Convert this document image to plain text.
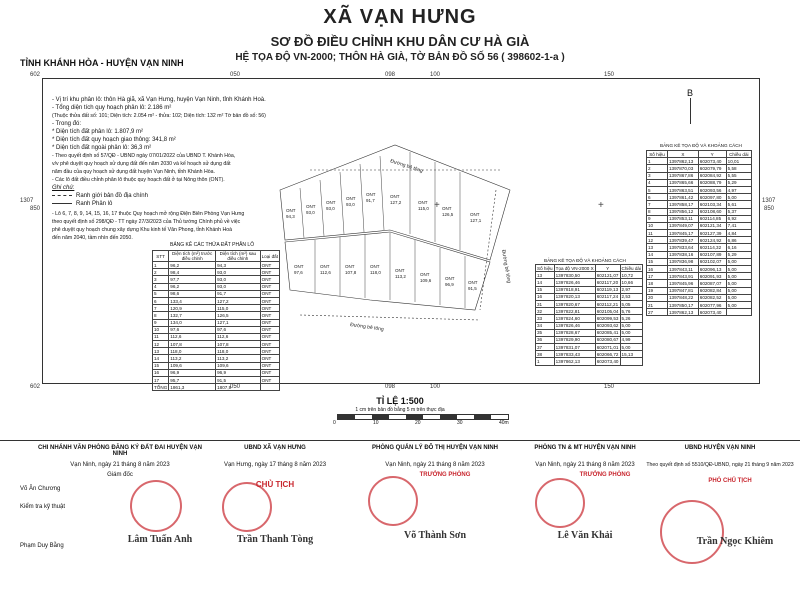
XÃ VẠN HƯNG
SƠ ĐỒ ĐIỀU CHỈNH KHU DÂN CƯ HÀ GIÀ
HỆ TỌA ĐỘ VN-2000; THÔN HÀ GIÀ, TỜ BẢN ĐỒ SỐ 56 ( 398602-1-a )
TỈNH KHÁNH HÒA - HUYỆN VẠN NINH
602	050	098	100	150
1307
850
1307
850
602	050	098	100	150
- Vị trí khu phân lô: thôn Hà giã, xã Vạn Hưng, huyện Vạn Ninh, tỉnh Khánh Hoà.
- Tổng diện tích quy hoạch phân lô: 2.186 m²
(Thuộc thửa đất số: 101; Diện tích: 2.054 m² - thửa: 102; Diện tích: 132 m² Tờ bản đồ số: 56)
- Trong đó:
* Diện tích đất phân lô: 1.807,9 m²
* Diện tích đất quy hoạch giao thông: 341,8 m²
* Diện tích đất ngoài phân lô: 36,3 m²
- Theo quyết định số 57/QĐ - UBND ngày 07/01/2022 của UBND T. Khánh Hòa,
v/v phê duyệt quy hoạch sử dụng đất đến năm 2030 và kế hoạch sử dụng đất
năm đầu của quy hoạch sử dụng đất huyện Vạn Ninh, tỉnh Khánh Hòa.
- Các lô đất điều chỉnh phân lô thuộc quy hoạch đất ở tại Nông thôn (ONT).
Ghi chú:
Ranh giới bản đồ địa chính
Ranh Phân lô
- Lô 6, 7, 8, 9, 14, 15, 16, 17 thuộc Quy hoạch mở rộng Điện Biên Phòng Vạn Hưng
theo quyết định số 298/QĐ - TT ngày 27/3/2023 của Thủ tướng Chính phủ về việc
phê duyệt quy hoạch chung xây dựng Khu kinh tế Vân Phong, tỉnh Khánh Hoà
đến năm 2040, tầm nhìn đến 2050.
BẢNG KÊ CÁC THỬA ĐẤT PHÂN LÔ
STT	Diện tích (m²) trước điều chỉnh	Diện tích (m²) sau điều chỉnh	Loại đất
1	96,2	94,3	ONT
2	98,4	93,0	ONT
3	97,7	93,0	ONT
4	96,2	93,0	ONT
5	98,6	91,7	ONT
6	133,4	127,2	ONT
7	120,9	115,0	ONT
8	132,7	126,5	ONT
9	134,0	127,1	ONT
10	97,6	97,6	ONT
11	112,6	112,6	ONT
12	107,8	107,8	ONT
13	118,0	118,0	ONT
14	113,2	113,2	ONT
15	109,6	109,6	ONT
16	96,9	96,9	ONT
17	95,7	91,5	ONT
TỔNG	1861,3	1807,9	
Đường bê tông
Đường bê tông
Đường bê tông
ONT
94,3
ONT
93,0
ONT
93,0
ONT
93,0
ONT
91,7
ONT
127,2	ONT
115,0	ONT
126,5	ONT
127,1
ONT
97,6
ONT
112,6
ONT
107,8
ONT
118,0	ONT
113,2	ONT
109,6	ONT
96,9	ONT
91,5
+	+
B
BẢNG KÊ TỌA ĐỘ VÀ KHOẢNG CÁCH
Số hiệu	Tọa độ VN-2000 X	Y	Chiều dài
13	1397830,50	602121,07	10,72
14	1397826,46	602117,20	10,66
15	1397818,91	602119,13	2,97
16	1397820,13	602117,24	2,53
31	1397820,67	602112,21	5,05
32	1397822,81	602105,04	5,76
33	1397824,60	602099,53	5,26
34	1397826,46	602093,62	5,00
35	1397828,67	602085,41	5,00
36	1397829,90	602080,67	4,99
37	1397831,07	602071,01	5,00
38	1397833,43	602066,72	15,13
1	1397862,13	602073,40	
BẢNG KÊ TỌA ĐỘ VÀ KHOẢNG CÁCH
Số hiệu	X	Y	Chiều dài
1	1397862,13	602073,40	10,01
2	1397870,03	602079,79	5,58
3	1397867,86	602084,92	5,55
4	1397865,66	602088,79	5,29
5	1397863,51	602093,56	4,97
6	1397861,42	602097,80	5,00
7	1397858,17	602103,34	5,61
8	1397856,12	602108,60	5,37
9	1397853,11	602114,85	6,92
10	1397849,07	602121,34	7,41
11	1397845,17	602127,39	4,84
12	1397839,47	602124,92	6,86
13	1397833,64	602114,32	6,16
14	1397838,16	602107,89	5,29
15	1397836,98	602102,07	5,00
16	1397843,11	602096,13	5,00
17	1397843,91	602091,93	5,00
18	1397845,96	602087,07	5,00
19	1397847,81	602082,84	5,00
20	1397848,22	602082,52	5,00
21	1397850,17	602077,96	5,00
27	1397862,13	602073,40	
TỈ LỆ 1:500
1 cm trên bản đồ bằng 5 m trên thực địa
0	10	20	30	40m
CHI NHÁNH VĂN PHÒNG ĐĂNG KÝ ĐẤT ĐAI HUYỆN VẠN NINH
Vạn Ninh, ngày 21 tháng 8 năm 2023
Giám đốc
Võ Ân Chương
Kiểm tra kỹ thuật
Phạm Duy Bằng
Lâm Tuấn Anh
UBND XÃ VẠN HƯNG
Vạn Hưng, ngày 17 tháng 8 năm 2023
CHỦ TỊCH
Trần Thanh Tòng
PHÒNG QUẢN LÝ ĐÔ THỊ HUYỆN VẠN NINH
Vạn Ninh, ngày 21 tháng 8 năm 2023
TRƯỞNG PHÒNG
Võ Thành Sơn
PHÒNG TN & MT HUYỆN VẠN NINH
Vạn Ninh, ngày 21 tháng 8 năm 2023
TRƯỞNG PHÒNG
Lê Văn Khải
UBND HUYỆN VẠN NINH
Theo quyết định số 5510/QĐ-UBND, ngày 21 tháng 9 năm 2023
PHÓ CHỦ TỊCH
Trần Ngọc Khiêm
